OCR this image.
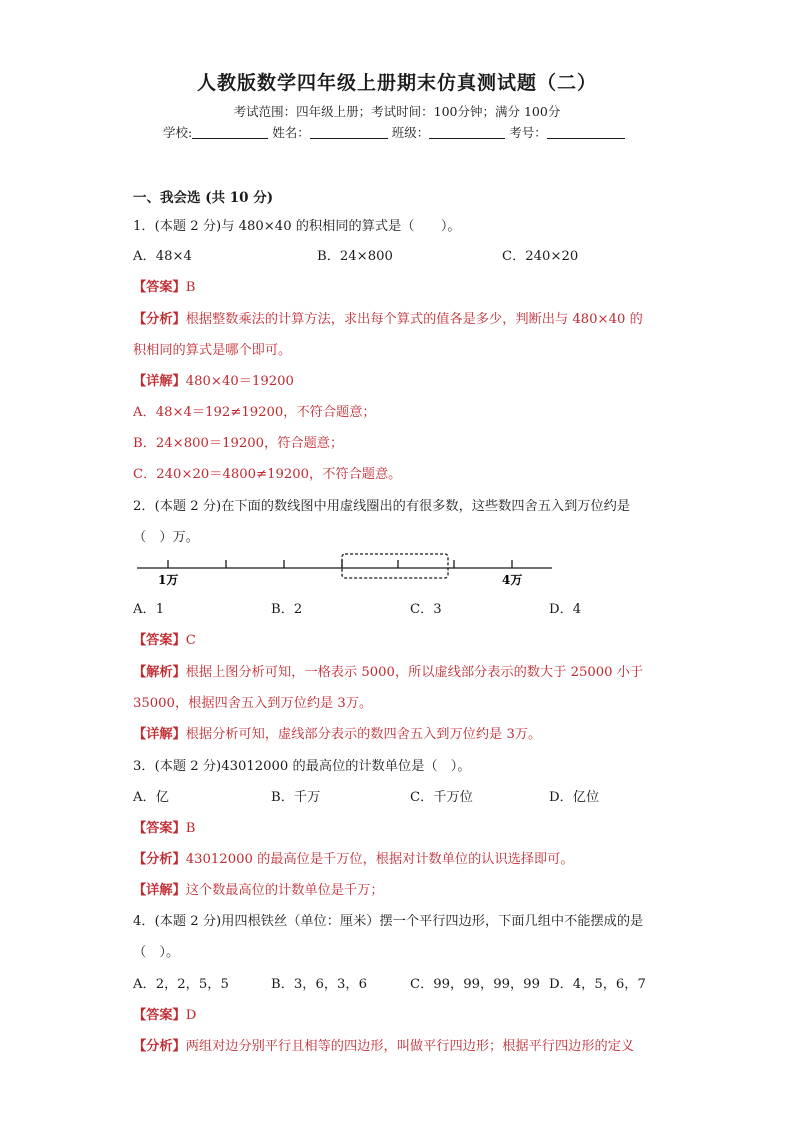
人教版数学四年级上册期末仿真测试题（二）
考试范围：四年级上册；考试时间：100分钟；满分 100分
学校:	姓名：	班级：	考号：
一、我会选 (共 10 分)
1．(本题 2 分)与 480×40 的积相同的算式是（　　）。
A．48×4	B．24×800	C．240×20
【答案】B
【分析】根据整数乘法的计算方法，求出每个算式的值各是多少，判断出与 480×40 的
积相同的算式是哪个即可。
【详解】480×40＝19200
A．48×4＝192≠19200，不符合题意；
B．24×800＝19200，符合题意；
C．240×20＝4800≠19200，不符合题意。
2．(本题 2 分)在下面的数线图中用虚线圈出的有很多数，这些数四舍五入到万位约是
（　）万。
1万	4万
A．1	B．2	C．3	D．4
【答案】C
【解析】根据上图分析可知，一格表示 5000，所以虚线部分表示的数大于 25000 小于
35000，根据四舍五入到万位约是 3万。
【详解】根据分析可知，虚线部分表示的数四舍五入到万位约是 3万。
3．(本题 2 分)43012000 的最高位的计数单位是（　）。
A．亿	B．千万	C．千万位	D．亿位
【答案】B
【分析】43012000 的最高位是千万位，根据对计数单位的认识选择即可。
【详解】这个数最高位的计数单位是千万；
4．(本题 2 分)用四根铁丝（单位：厘米）摆一个平行四边形，下面几组中不能摆成的是
（　）。
A．2，2，5，5	B．3，6，3，6	C．99，99，99，99 D．4，5，6，7
【答案】D
【分析】两组对边分别平行且相等的四边形，叫做平行四边形；根据平行四边形的定义
